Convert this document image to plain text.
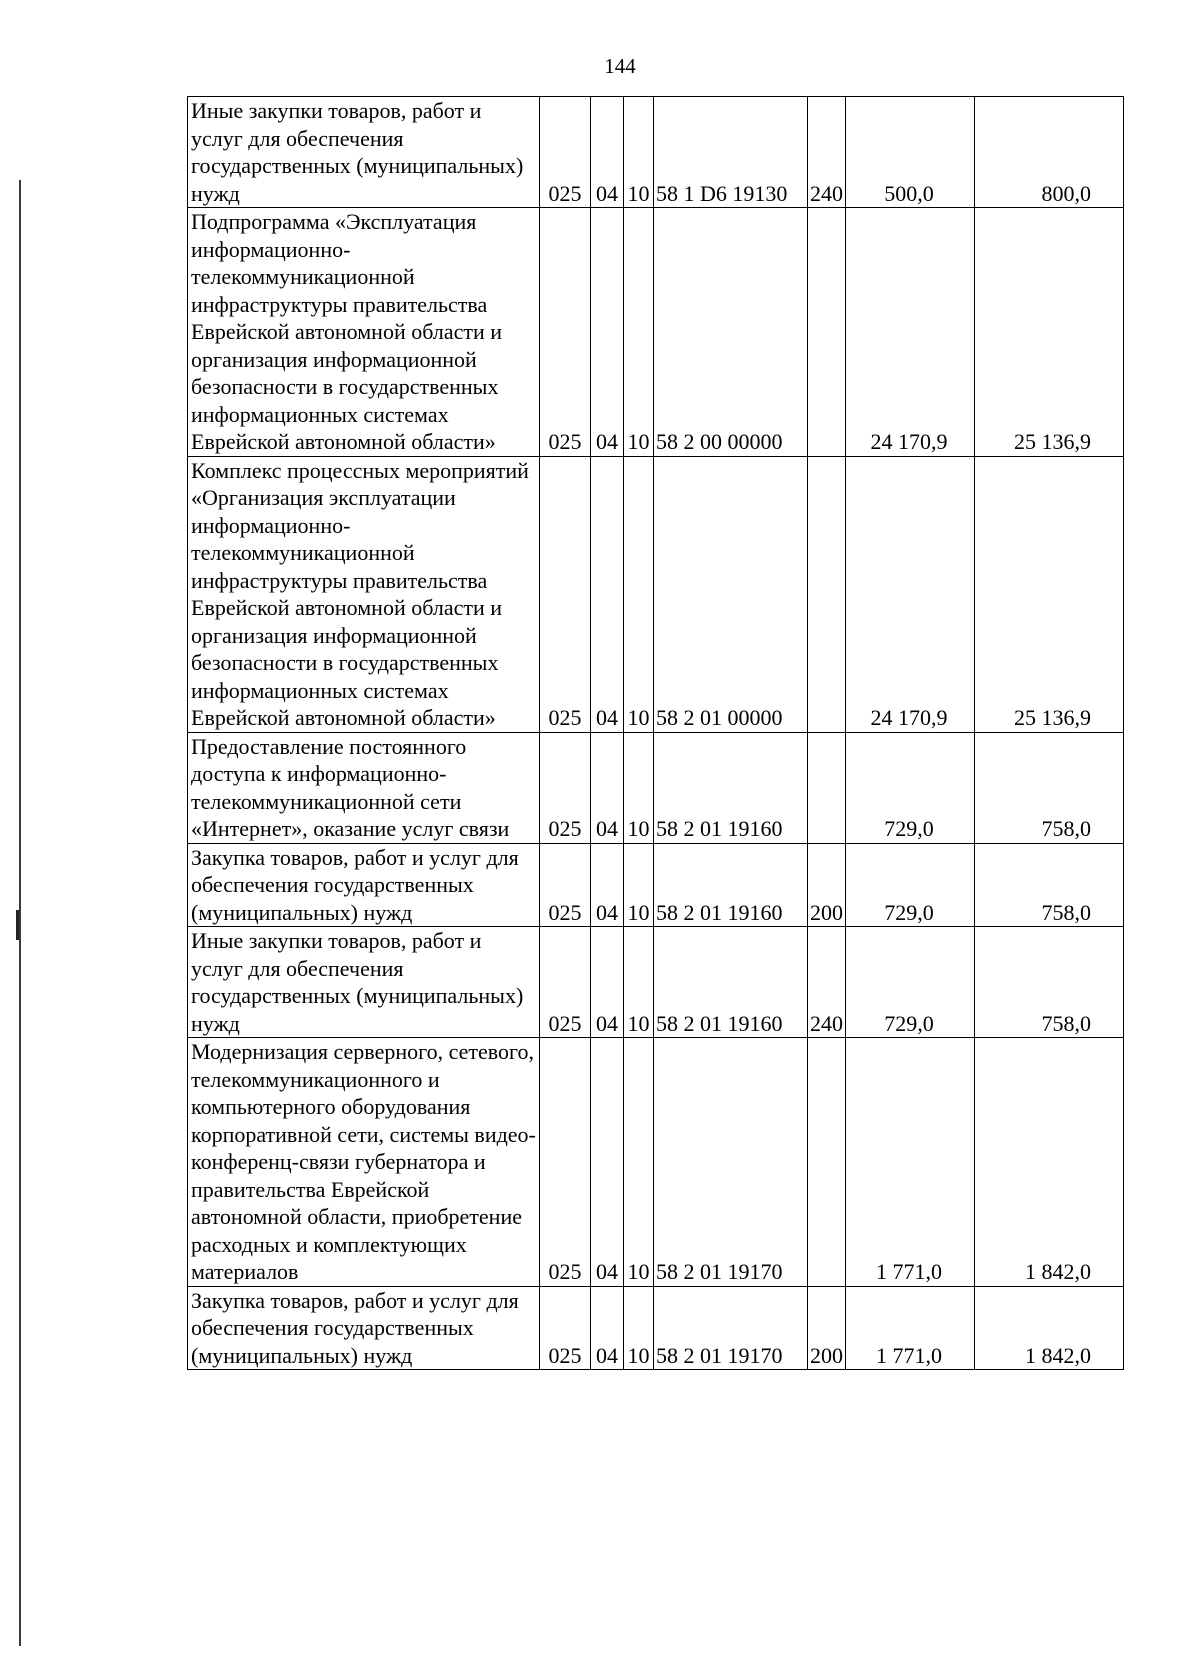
144
Иные закупки товаров, работ и услуг для обеспечения государственных (муниципальных) нужд	025	04	10	58 1 D6 19130	240	500,0	800,0
Подпрограмма «Эксплуатация информационно-телекоммуникационной инфраструктуры правительства Еврейской автономной области и организация информационной безопасности в государственных информационных системах Еврейской автономной области»	025	04	10	58 2 00 00000		24 170,9	25 136,9
Комплекс процессных мероприятий «Организация эксплуатации информационно-телекоммуникационной инфраструктуры правительства Еврейской автономной области и организация информационной безопасности в государственных информационных системах Еврейской автономной области»	025	04	10	58 2 01 00000		24 170,9	25 136,9
Предоставление постоянного доступа к информационно-телекоммуникационной сети «Интернет», оказание услуг связи	025	04	10	58 2 01 19160		729,0	758,0
Закупка товаров, работ и услуг для обеспечения государственных (муниципальных) нужд	025	04	10	58 2 01 19160	200	729,0	758,0
Иные закупки товаров, работ и услуг для обеспечения государственных (муниципальных) нужд	025	04	10	58 2 01 19160	240	729,0	758,0
Модернизация серверного, сетевого, телекоммуникационного и компьютерного оборудования корпоративной сети, системы видео-конференц-связи губернатора и правительства Еврейской автономной области, приобретение расходных и комплектующих материалов	025	04	10	58 2 01 19170		1 771,0	1 842,0
Закупка товаров, работ и услуг для обеспечения государственных (муниципальных) нужд	025	04	10	58 2 01 19170	200	1 771,0	1 842,0
